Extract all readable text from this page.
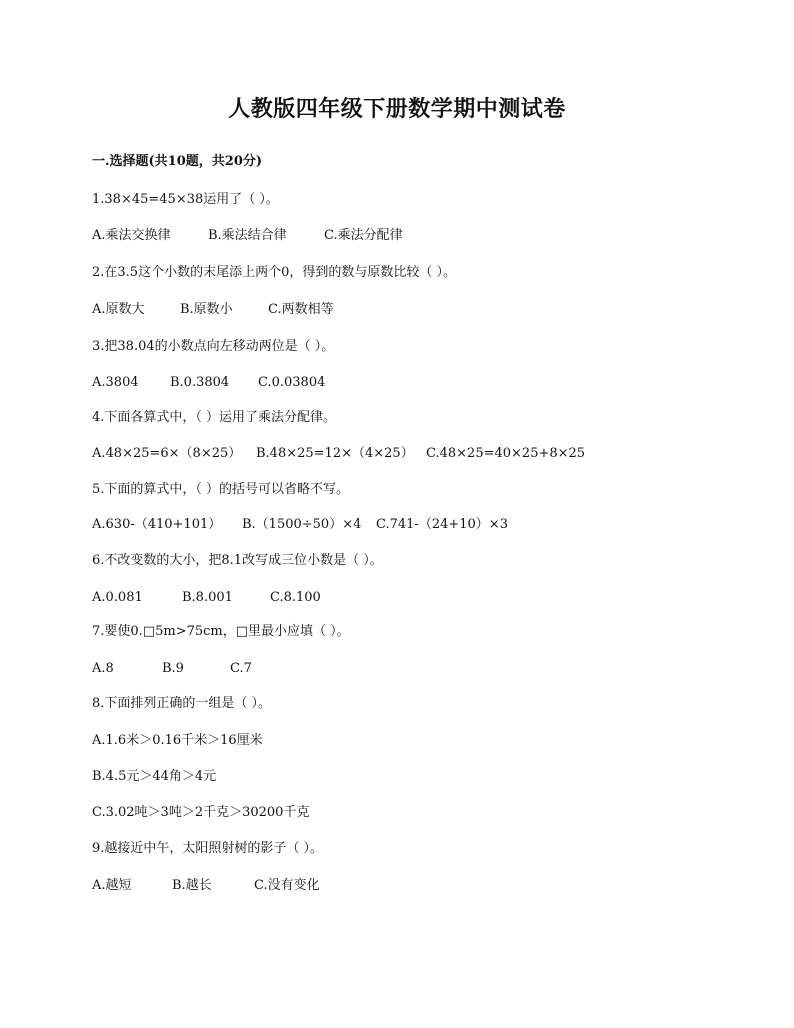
人教版四年级下册数学期中测试卷
一.选择题(共10题，共20分)
1.38×45=45×38运用了（ ）。
A.乘法交换律	B.乘法结合律	C.乘法分配律
2.在3.5这个小数的末尾添上两个0，得到的数与原数比较（ ）。
A.原数大	B.原数小	C.两数相等
3.把38.04的小数点向左移动两位是（ ）。
A.3804 B.0.3804 C.0.03804
4.下面各算式中，（ ）运用了乘法分配律。
A.48×25=6×（8×25） B.48×25=12×（4×25） C.48×25=40×25+8×25
5.下面的算式中，（ ）的括号可以省略不写。
A.630-（410+101） B.（1500÷50）×4 C.741-（24+10）×3
6.不改变数的大小，把8.1改写成三位小数是（ ）。
A.0.081	B.8.001	C.8.100
7.要使0.□5m>75cm，□里最小应填（ ）。
A.8	B.9	C.7
8.下面排列正确的一组是（ ）。
A.1.6米＞0.16千米＞16厘米
B.4.5元＞44角＞4元
C.3.02吨＞3吨＞2千克＞30200千克
9.越接近中午，太阳照射树的影子（ ）。
A.越短	B.越长	C.没有变化
